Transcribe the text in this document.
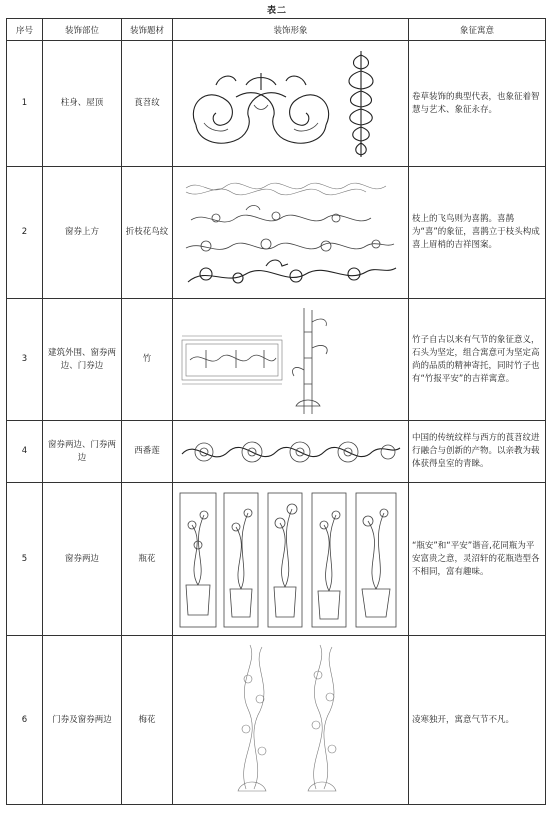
表二
序号	装饰部位	装饰题材	装饰形象	象征寓意
1	柱身、屋顶	莨苕纹		卷草装饰的典型代表，也象征着智慧与艺术、象征永存。
2	窗券上方	折枝花鸟纹		枝上的飞鸟则为喜鹊。喜鹊为“喜”的象征，喜鹊立于枝头构成喜上眉梢的吉祥图案。
3	建筑外围、窗券两边、门券边	竹		竹子自古以来有气节的象征意义，石头为坚定，组合寓意可为坚定高尚的品质的精神寄托，同时竹子也有“竹报平安”的吉祥寓意。
4	窗券两边、门券两边	西番莲		中国的传统纹样与西方的莨苕纹进行融合与创新的产物。以亲教为载体获得皇室的青睐。
5	窗券两边	瓶花		“瓶安”和“平安”谐音,花同瓶为平安富贵之意，灵沼轩的花瓶造型各不相同，富有趣味。
6	门券及窗券两边	梅花		凌寒独开，寓意气节不凡。
